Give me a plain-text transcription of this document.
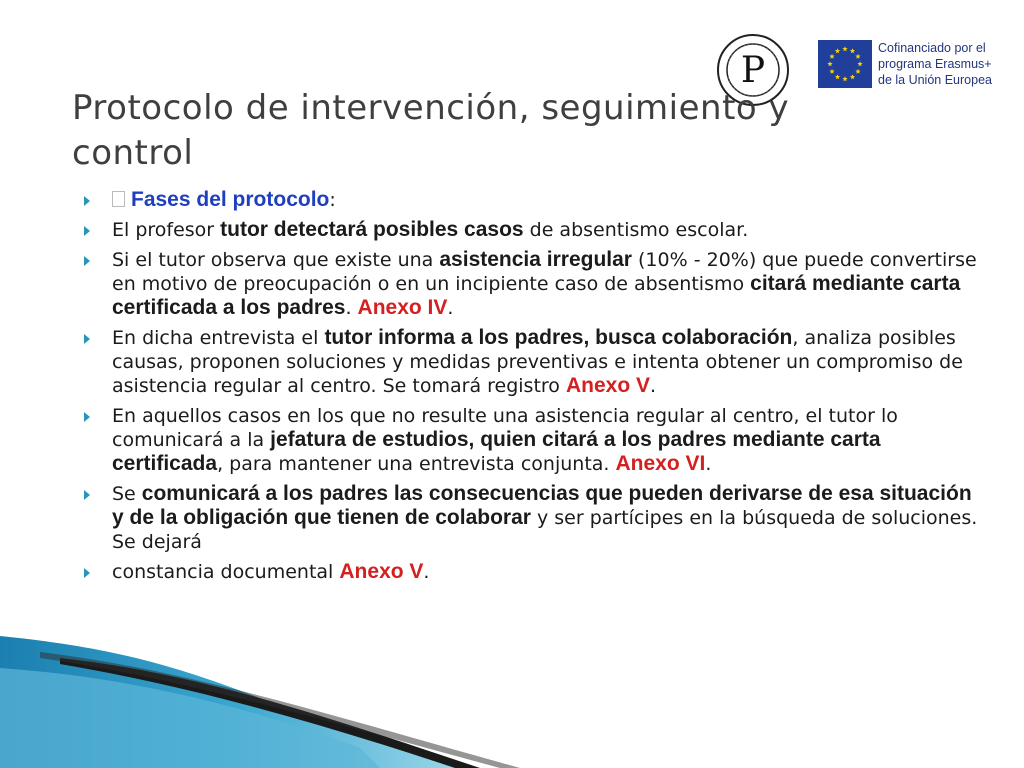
P
Cofinanciado por el
programa Erasmus+
de la Unión Europea
Protocolo de intervención, seguimiento y control
Fases del protocolo:
El profesor tutor detectará posibles casos de absentismo escolar.
Si el tutor observa que existe una asistencia irregular (10% - 20%) que puede convertirse en motivo de preocupación o en un incipiente caso de absentismo citará mediante carta certificada a los padres. Anexo IV.
En dicha entrevista el tutor informa a los padres, busca colaboración, analiza posibles causas, proponen soluciones y medidas preventivas e intenta obtener un compromiso de asistencia regular al centro. Se tomará registro Anexo V.
En aquellos casos en los que no resulte una asistencia regular al centro, el tutor lo comunicará a la jefatura de estudios, quien citará a los padres mediante carta certificada, para mantener una entrevista conjunta. Anexo VI.
Se comunicará a los padres las consecuencias que pueden derivarse de esa situación y de la obligación que tienen de colaborar y ser partícipes en la búsqueda de soluciones. Se dejará
constancia documental Anexo V.
